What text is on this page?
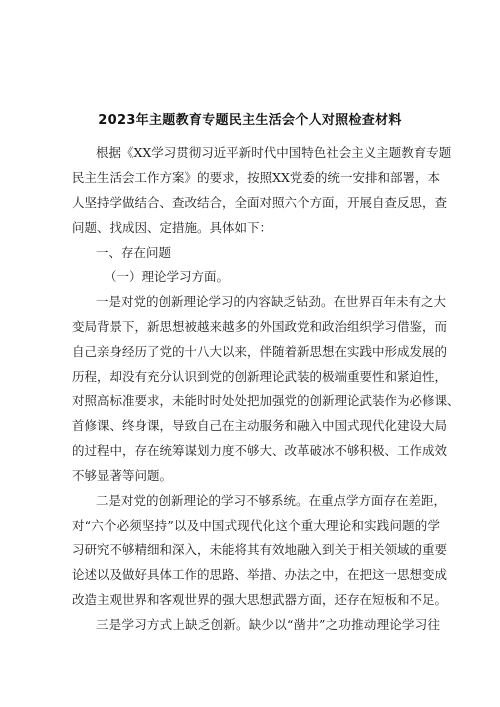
2023年主题教育专题民主生活会个人对照检查材料
根据《XX学习贯彻习近平新时代中国特色社会主义主题教育专题
民主生活会工作方案》的要求，按照XX党委的统一安排和部署，本
人坚持学做结合、查改结合，全面对照六个方面，开展自查反思，查
问题、找成因、定措施。具体如下：
一、存在问题
（一）理论学习方面。
一是对党的创新理论学习的内容缺乏钻劲。在世界百年未有之大
变局背景下，新思想被越来越多的外国政党和政治组织学习借鉴，而
自己亲身经历了党的十八大以来，伴随着新思想在实践中形成发展的
历程，却没有充分认识到党的创新理论武装的极端重要性和紧迫性，
对照高标准要求，未能时时处处把加强党的创新理论武装作为必修课、
首修课、终身课，导致自己在主动服务和融入中国式现代化建设大局
的过程中，存在统筹谋划力度不够大、改革破冰不够积极、工作成效
不够显著等问题。
二是对党的创新理论的学习不够系统。在重点学方面存在差距，
对“六个必须坚持”以及中国式现代化这个重大理论和实践问题的学
习研究不够精细和深入，未能将其有效地融入到关于相关领域的重要
论述以及做好具体工作的思路、举措、办法之中，在把这一思想变成
改造主观世界和客观世界的强大思想武器方面，还存在短板和不足。
三是学习方式上缺乏创新。缺少以“凿井”之功推动理论学习往
